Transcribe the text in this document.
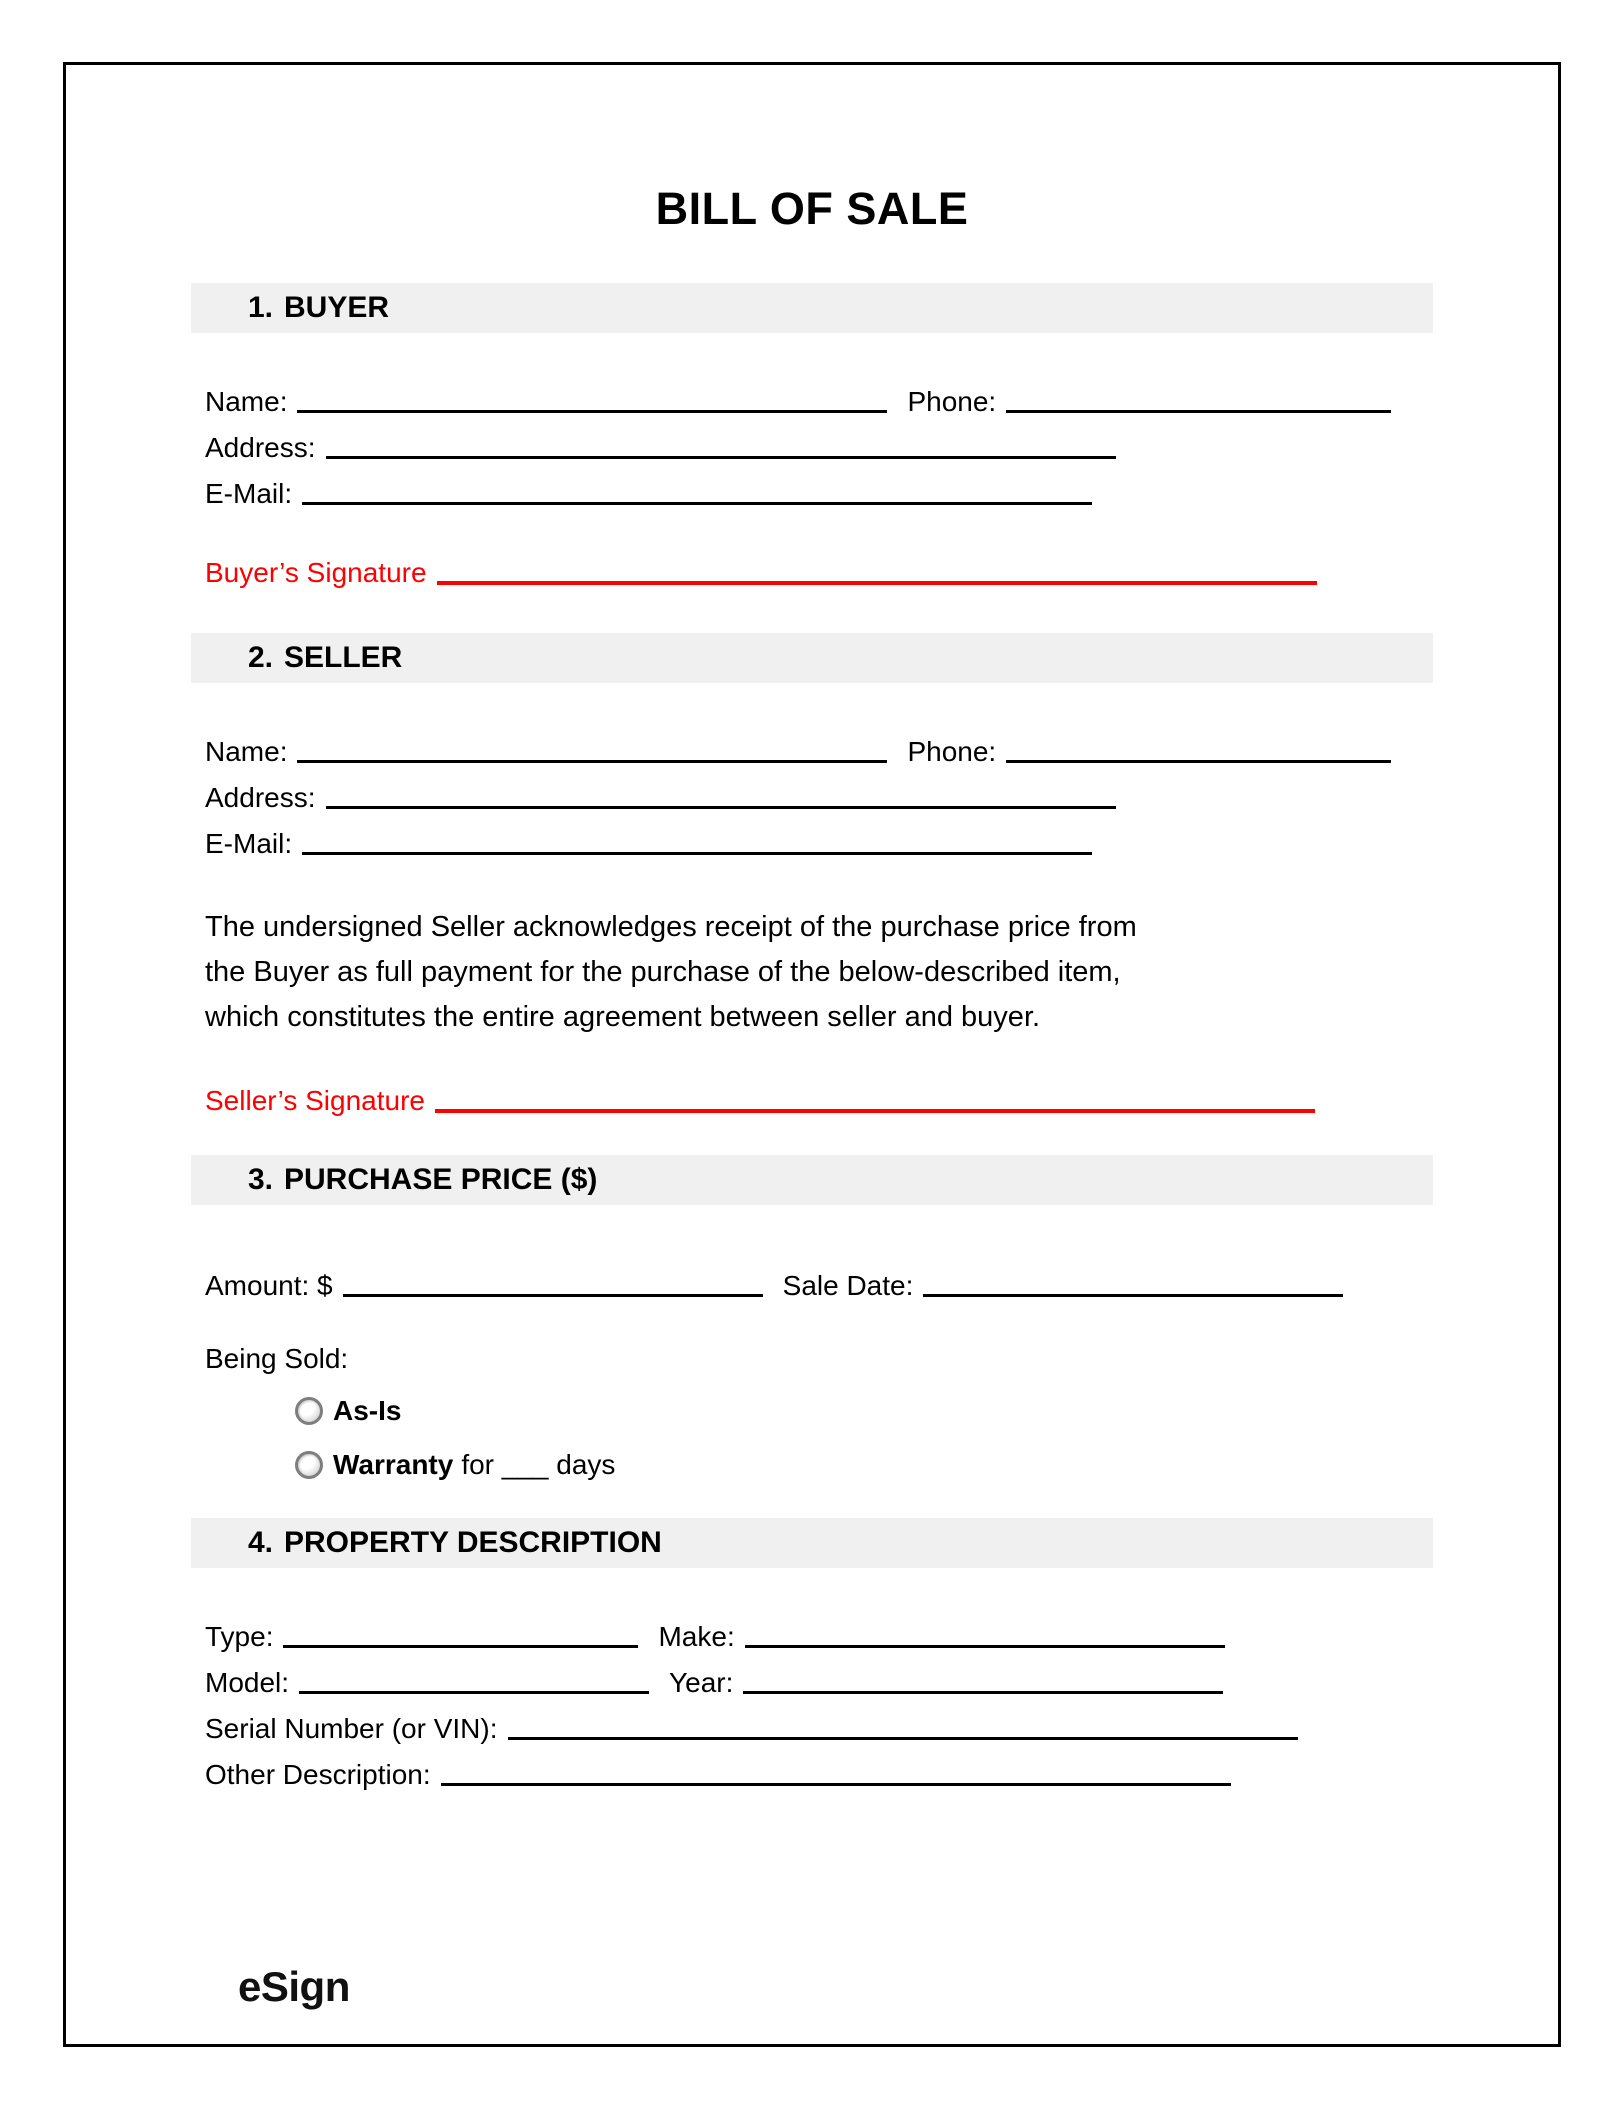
BILL OF SALE
1. BUYER
Name:	Phone:
Address:
E-Mail:
Buyer’s Signature
2. SELLER
Name:	Phone:
Address:
E-Mail:
The undersigned Seller acknowledges receipt of the purchase price from
the Buyer as full payment for the purchase of the below-described item,
which constitutes the entire agreement between seller and buyer.
Seller’s Signature
3. PURCHASE PRICE ($)
Amount: $	Sale Date:
Being Sold:
As-Is
Warranty for ___ days
4. PROPERTY DESCRIPTION
Type:	Make:
Model:	Year:
Serial Number (or VIN):
Other Description:
eSign
